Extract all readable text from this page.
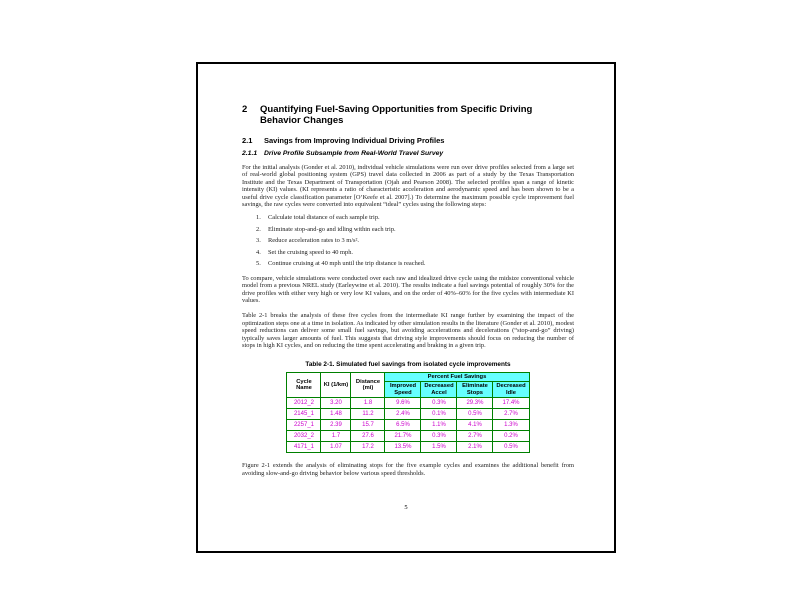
2	Quantifying Fuel-Saving Opportunities from Specific Driving Behavior Changes
2.1	Savings from Improving Individual Driving Profiles
2.1.1	Drive Profile Subsample from Real-World Travel Survey

For the initial analysis (Gonder et al. 2010), individual vehicle simulations were run over drive profiles selected from a large set of real-world global positioning system (GPS) travel data collected in 2006 as part of a study by the Texas Transportation Institute and the Texas Department of Transportation (Ojah and Pearson 2008). The selected profiles span a range of kinetic intensity (KI) values. (KI represents a ratio of characteristic acceleration and aerodynamic speed and has been shown to be a useful drive cycle classification parameter [O’Keefe et al. 2007].) To determine the maximum possible cycle improvement fuel savings, the raw cycles were converted into equivalent “ideal” cycles using the following steps:

1.	Calculate total distance of each sample trip.
2.	Eliminate stop-and-go and idling within each trip.
3.	Reduce acceleration rates to 3 m/s².
4.	Set the cruising speed to 40 mph.
5.	Continue cruising at 40 mph until the trip distance is reached.

To compare, vehicle simulations were conducted over each raw and idealized drive cycle using the midsize conventional vehicle model from a previous NREL study (Earleywine et al. 2010). The results indicate a fuel savings potential of roughly 30% for the drive profiles with either very high or very low KI values, and on the order of 40%–60% for the five cycles with intermediate KI values.

Table 2-1 breaks the analysis of these five cycles from the intermediate KI range further by examining the impact of the optimization steps one at a time in isolation. As indicated by other simulation results in the literature (Gonder et al. 2010), modest speed reductions can deliver some small fuel savings, but avoiding accelerations and decelerations (“stop-and-go” driving) typically saves larger amounts of fuel. This suggests that driving style improvements should focus on reducing the number of stops in high KI cycles, and on reducing the time spent accelerating and braking in a given trip.

Table 2-1. Simulated fuel savings from isolated cycle improvements
Cycle Name	KI (1/km)	Distance (mi)	Percent Fuel Savings			
			Improved Speed	Decreased Accel	Eliminate Stops	Decreased Idle
2012_2	3.20	1.8	9.6%	0.3%	29.3%	17.4%
2145_1	1.48	11.2	2.4%	0.1%	0.5%	2.7%
2257_1	2.39	15.7	6.5%	1.1%	4.1%	1.3%
2032_2	1.7	27.6	21.7%	0.3%	2.7%	0.2%
4171_1	1.07	17.2	13.5%	1.5%	2.1%	0.5%

Figure 2-1 extends the analysis of eliminating stops for the five example cycles and examines the additional benefit from avoiding slow-and-go driving behavior below various speed thresholds.

5
